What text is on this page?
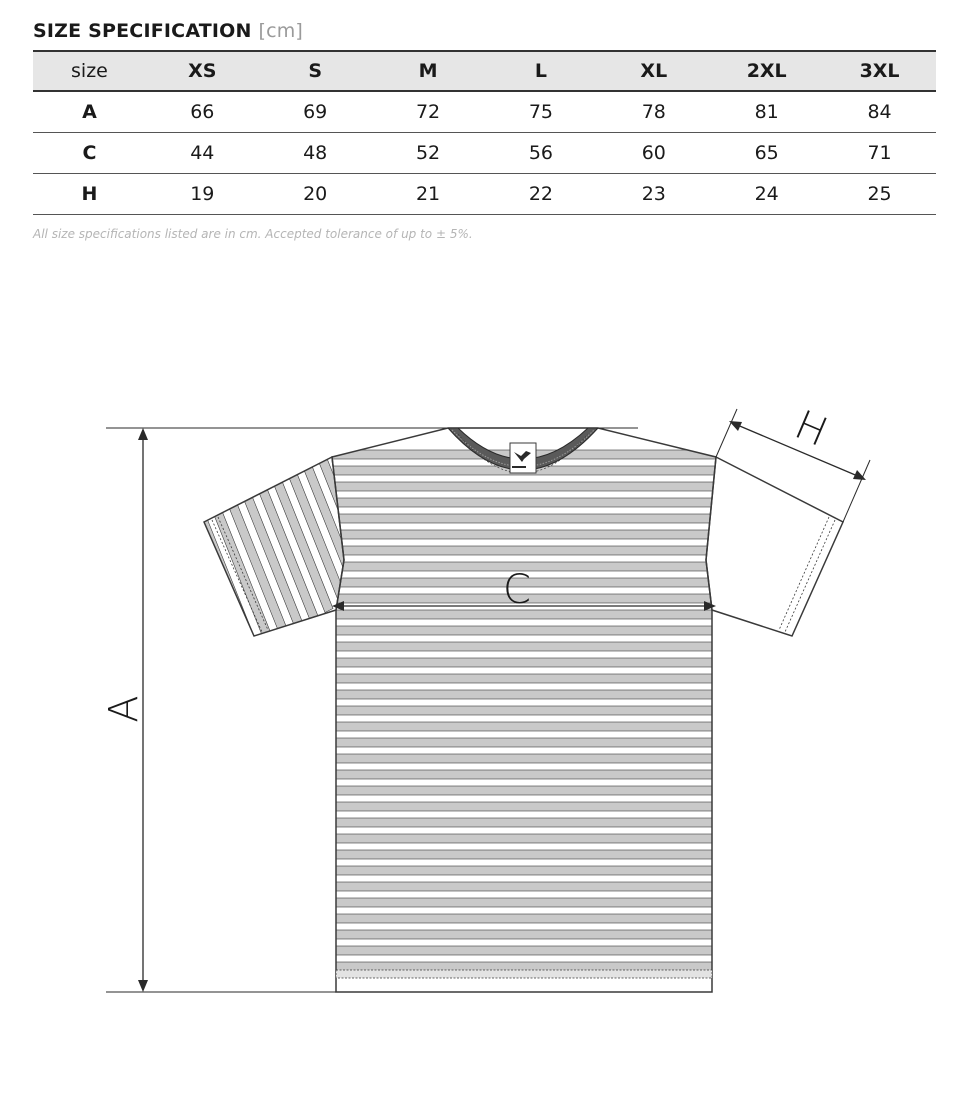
SIZE SPECIFICATION [cm]
size	XS	S	M	L	XL	2XL	3XL
A	66	69	72	75	78	81	84
C	44	48	52	56	60	65	71
H	19	20	21	22	23	24	25
All size specifications listed are in cm. Accepted tolerance of up to ± 5%.
A
C
H
